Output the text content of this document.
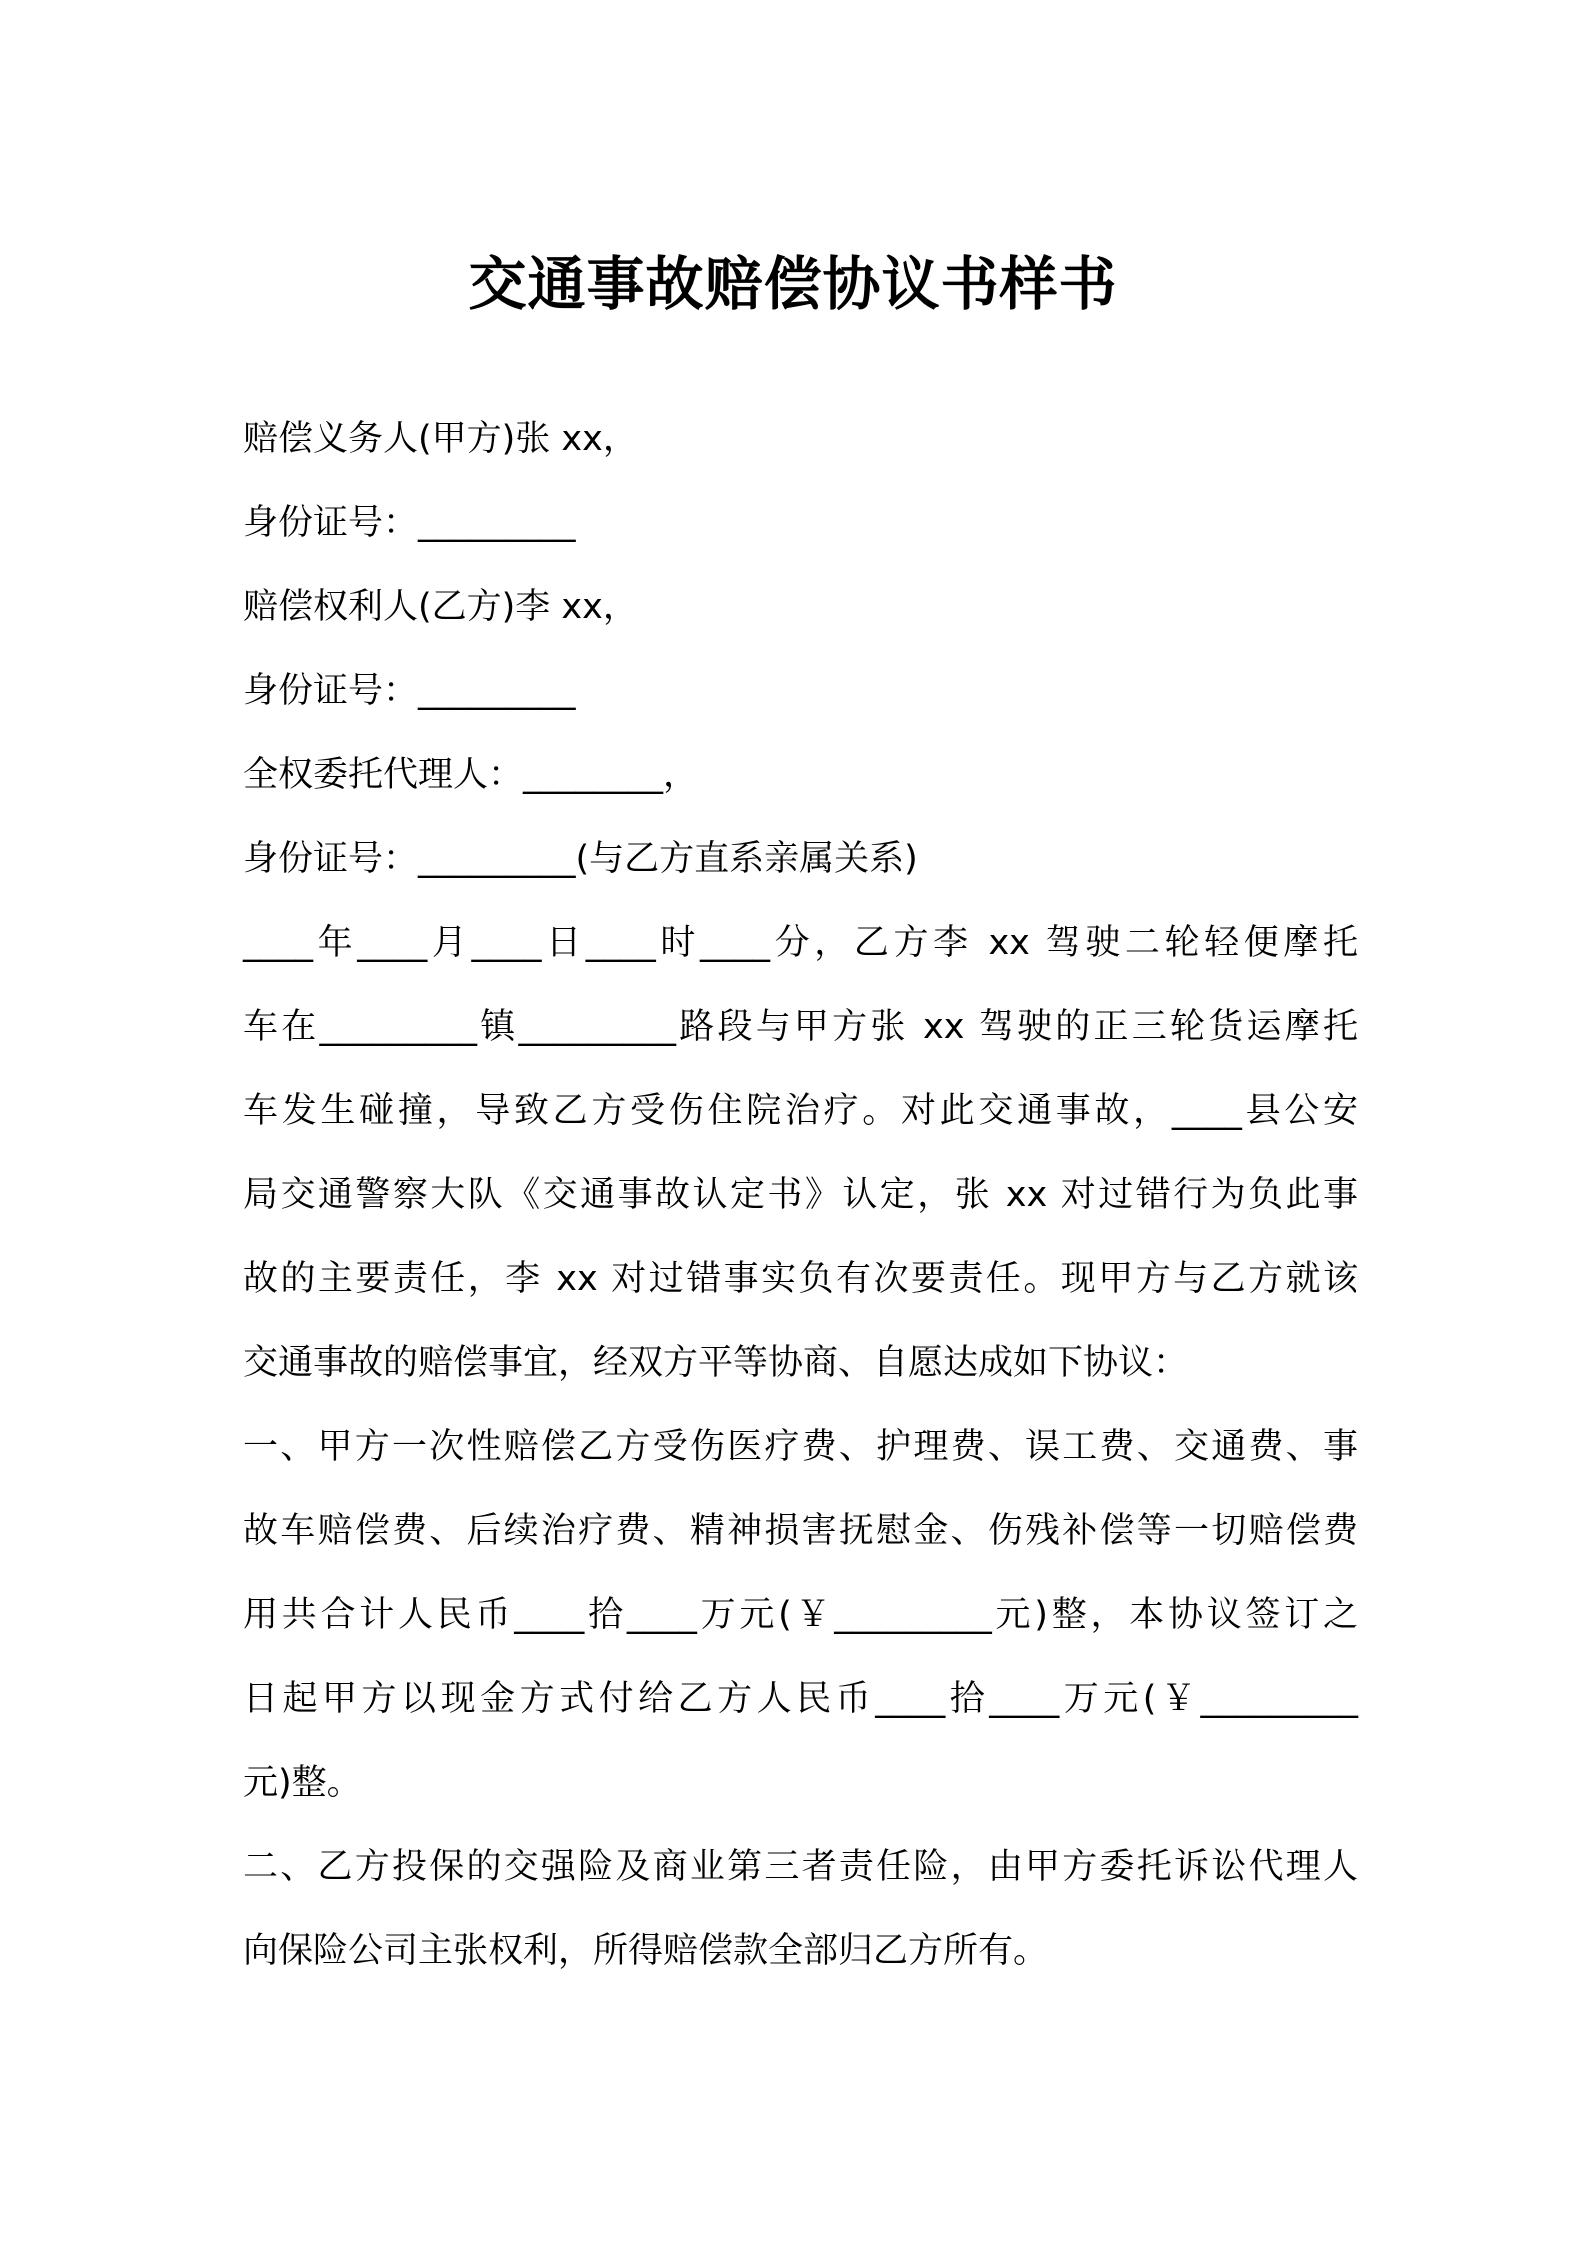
交通事故赔偿协议书样书

赔偿义务人(甲方)张 xx，

身份证号：_________

赔偿权利人(乙方)李 xx，

身份证号：_________

全权委托代理人：________，

身份证号：_________(与乙方直系亲属关系)

____年____月____日____时____分，乙方李 xx 驾驶二轮轻便摩托

车在_________镇_________路段与甲方张 xx 驾驶的正三轮货运摩托

车发生碰撞，导致乙方受伤住院治疗。对此交通事故，____县公安

局交通警察大队《交通事故认定书》认定，张 xx 对过错行为负此事

故的主要责任，李 xx 对过错事实负有次要责任。现甲方与乙方就该

交通事故的赔偿事宜，经双方平等协商、自愿达成如下协议：

一、甲方一次性赔偿乙方受伤医疗费、护理费、误工费、交通费、事

故车赔偿费、后续治疗费、精神损害抚慰金、伤残补偿等一切赔偿费

用共合计人民币____拾____万元(￥_________元)整，本协议签订之

日起甲方以现金方式付给乙方人民币____拾____万元(￥_________

元)整。

二、乙方投保的交强险及商业第三者责任险，由甲方委托诉讼代理人

向保险公司主张权利，所得赔偿款全部归乙方所有。
